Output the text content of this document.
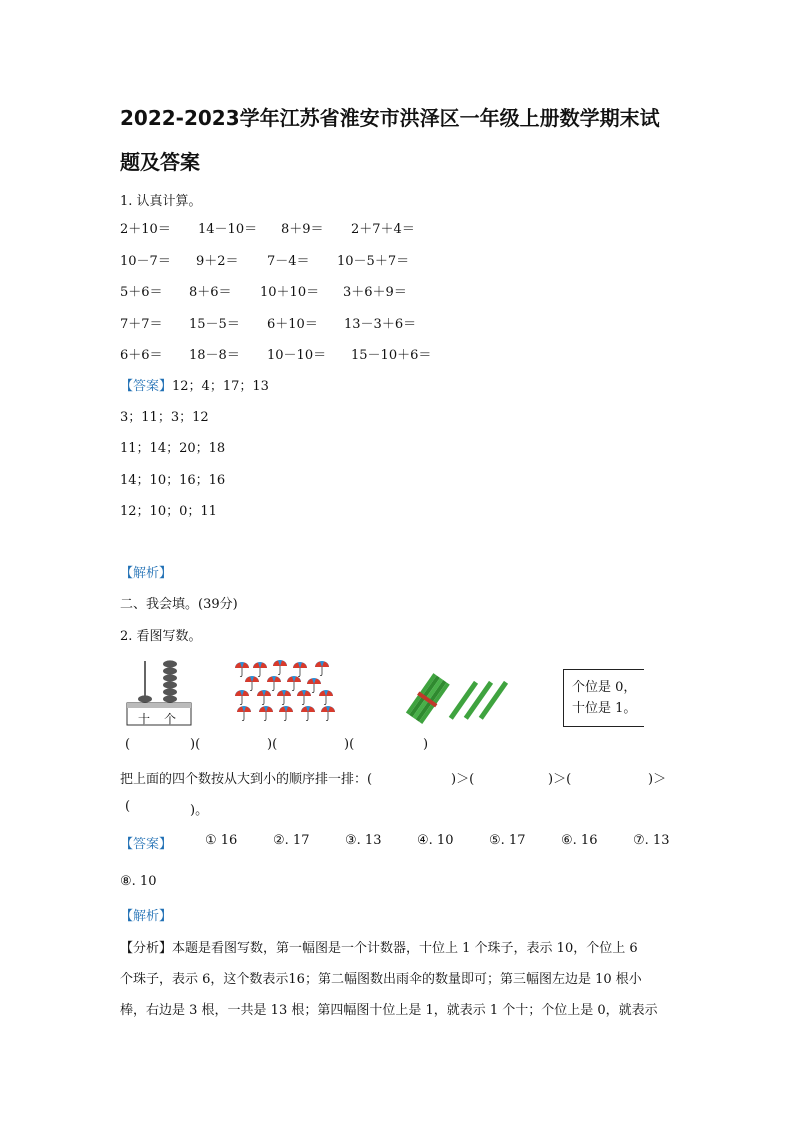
2022-2023学年江苏省淮安市洪泽区一年级上册数学期末试
题及答案
1. 认真计算。
2＋10＝ 14－10＝ 8＋9＝ 2＋7＋4＝
10－7＝ 9＋2＝ 7－4＝ 10－5＋7＝
5＋6＝ 8＋6＝ 10＋10＝ 3＋6＋9＝
7＋7＝ 15－5＝ 6＋10＝ 13－3＋6＝
6＋6＝ 18－8＝ 10－10＝ 15－10＋6＝
【答案】12；4；17；13
3；11；3；12
11；14；20；18
14；10；16；16
12；10；0；11
【解析】
二、我会填。(39分)
2. 看图写数。
十 个
个位是 0，
十位是 1。
(	)(	)(	)(	)
把上面的四个数按从大到小的顺序排一排：(	)＞(	)＞(	)＞
(	)。
【答案】	① 16	②. 17	③. 13	④. 10	⑤. 17	⑥. 16	⑦. 13
⑧. 10
【解析】
【分析】本题是看图写数，第一幅图是一个计数器，十位上 1 个珠子，表示 10，个位上 6
个珠子，表示 6，这个数表示16；第二幅图数出雨伞的数量即可；第三幅图左边是 10 根小
棒，右边是 3 根，一共是 13 根；第四幅图十位上是 1，就表示 1 个十；个位上是 0，就表示
